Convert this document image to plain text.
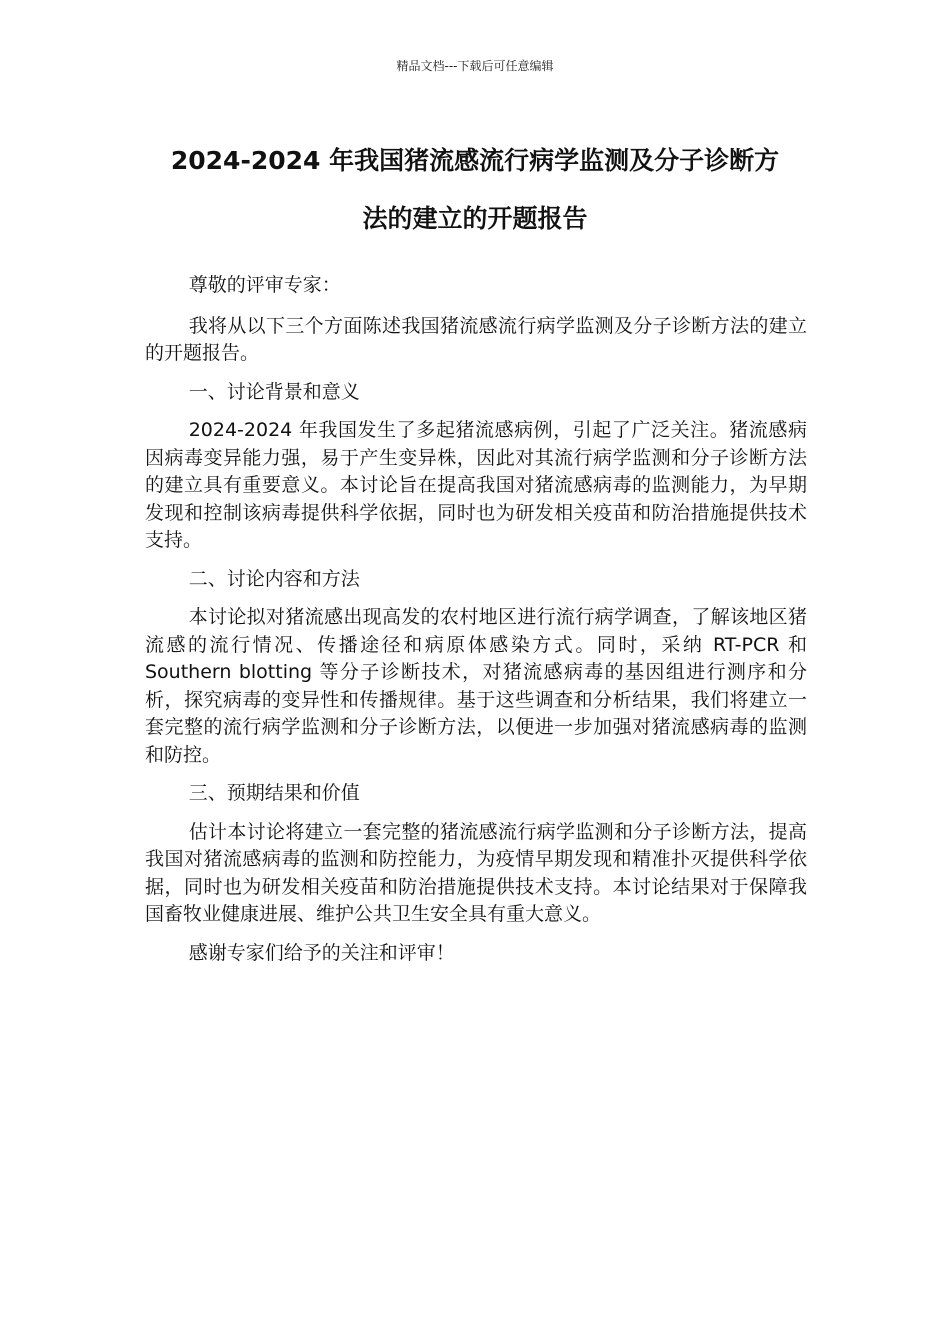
精品文档---下载后可任意编辑
2024-2024 年我国猪流感流行病学监测及分子诊断方
法的建立的开题报告

尊敬的评审专家：

我将从以下三个方面陈述我国猪流感流行病学监测及分子诊断方法的建立的开题报告。

一、讨论背景和意义

2024-2024 年我国发生了多起猪流感病例，引起了广泛关注。猪流感病因病毒变异能力强，易于产生变异株，因此对其流行病学监测和分子诊断方法的建立具有重要意义。本讨论旨在提高我国对猪流感病毒的监测能力，为早期发现和控制该病毒提供科学依据，同时也为研发相关疫苗和防治措施提供技术支持。

二、讨论内容和方法

本讨论拟对猪流感出现高发的农村地区进行流行病学调查，了解该地区猪流感的流行情况、传播途径和病原体感染方式。同时，采纳 RT-PCR 和 Southern blotting 等分子诊断技术，对猪流感病毒的基因组进行测序和分析，探究病毒的变异性和传播规律。基于这些调查和分析结果，我们将建立一套完整的流行病学监测和分子诊断方法，以便进一步加强对猪流感病毒的监测和防控。

三、预期结果和价值

估计本讨论将建立一套完整的猪流感流行病学监测和分子诊断方法，提高我国对猪流感病毒的监测和防控能力，为疫情早期发现和精准扑灭提供科学依据，同时也为研发相关疫苗和防治措施提供技术支持。本讨论结果对于保障我国畜牧业健康进展、维护公共卫生安全具有重大意义。

感谢专家们给予的关注和评审！
